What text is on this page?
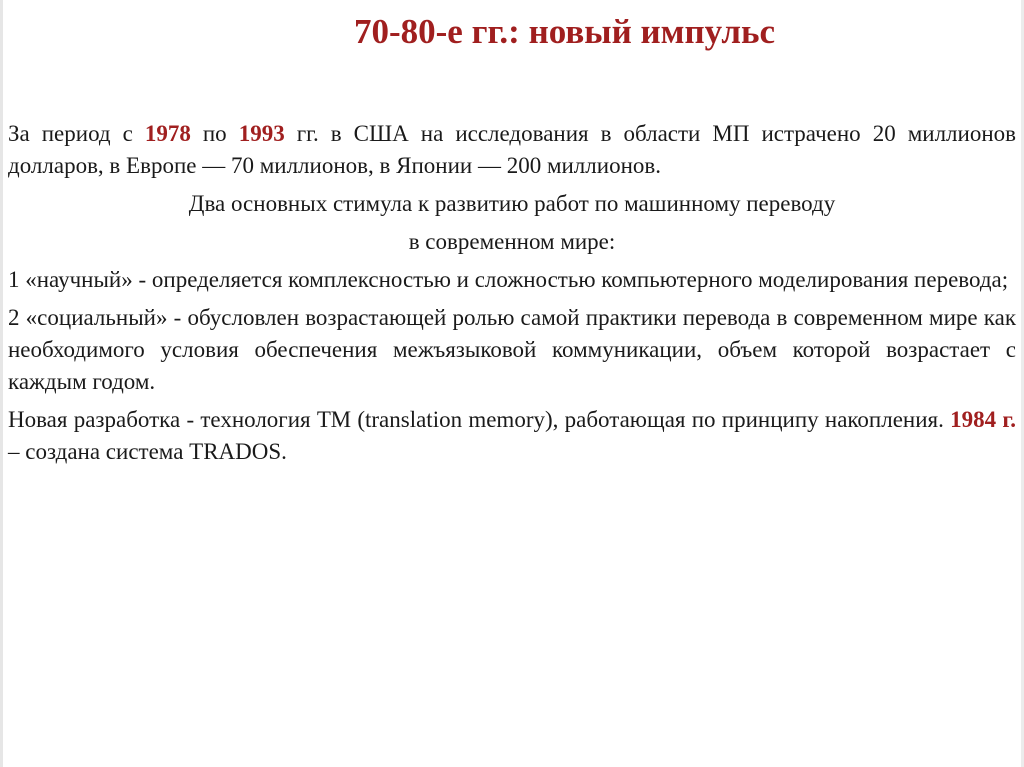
70-80-е гг.: новый импульс

За период с 1978 по 1993 гг. в США на исследования в области МП истрачено 20 миллионов долларов, в Европе — 70 миллионов, в Японии — 200 миллионов.

Два основных стимула к развитию работ по машинному переводу

в современном мире:

1 «научный» - определяется комплексностью и сложностью компьютерного моделирования перевода;

2 «социальный» - обусловлен возрастающей ролью самой практики перевода в современном мире как необходимого условия обеспечения межъязыковой коммуникации, объем которой возрастает с каждым годом.

Новая разработка - технология ТМ (translation memory), работающая по принципу накопления. 1984 г. – создана система TRADOS.
